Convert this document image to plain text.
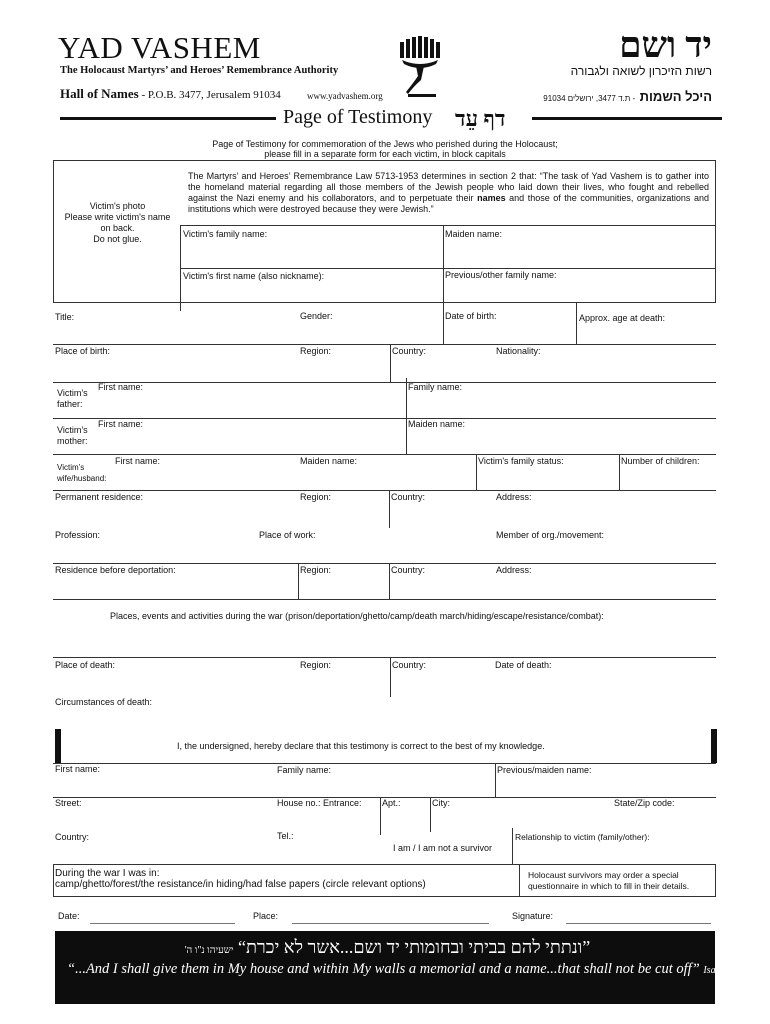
YAD VASHEM
The Holocaust Martyrs’ and Heroes’ Remembrance Authority
Hall of Names - P.O.B. 3477, Jerusalem 91034	www.yadvashem.org
יד ושם
רשות הזיכרון לשואה ולגבורה
היכל השמות - ת.ד 3477, ירושלים 91034
Page of Testimony דף עֵד
Page of Testimony for commemoration of the Jews who perished during the Holocaust;
please fill in a separate form for each victim, in block capitals
The Martyrs’ and Heroes’ Remembrance Law 5713-1953 determines in section 2 that: “The task of Yad Vashem is to gather into the homeland material regarding all those members of the Jewish people who laid down their lives, who fought and rebelled against the Nazi enemy and his collaborators, and to perpetuate their names and those of the communities, organizations and institutions which were destroyed because they were Jewish.”
Victim's photo
Please write victim's name
on back.
Do not glue.	Victim's family name:	Maiden name:
Victim's first name (also nickname):	Previous/other family name:
Title:	Gender:	Date of birth:	Approx. age at death:
Place of birth:	Region:	Country:	Nationality:
Victim’s
father:
First name:	Family name:
Victim’s
mother:
First name:	Maiden name:
Victim’s
wife/husband:
First name:	Maiden name:	Victim's family status:	Number of children:
Permanent residence:	Region:	Country:	Address:
Profession:	Place of work:	Member of org./movement:
Residence before deportation:	Region:	Country:	Address:
Places, events and activities during the war (prison/deportation/ghetto/camp/death march/hiding/escape/resistance/combat):
Place of death:	Region:	Country:	Date of death:
Circumstances of death:
I, the undersigned, hereby declare that this testimony is correct to the best of my knowledge.
First name:	Family name:	Previous/maiden name:
Street:	House no.: Entrance: Apt.:	City:	State/Zip code:
Country:	Tel.:
I am / I am not a survivor
Relationship to victim (family/other):
During the war I was in:
camp/ghetto/forest/the resistance/in hiding/had false papers (circle relevant options)
Holocaust survivors may order a special
questionnaire in which to fill in their details.
Date:	Place:	Signature:
”ונתתי להם בביתי ובחומותי יד ושם...אשר לא יכרת“ ישעיהו נ"ו ה'
“...And I shall give them in My house and within My walls a memorial and a name...that shall not be cut off” Isaiah. 56:5
